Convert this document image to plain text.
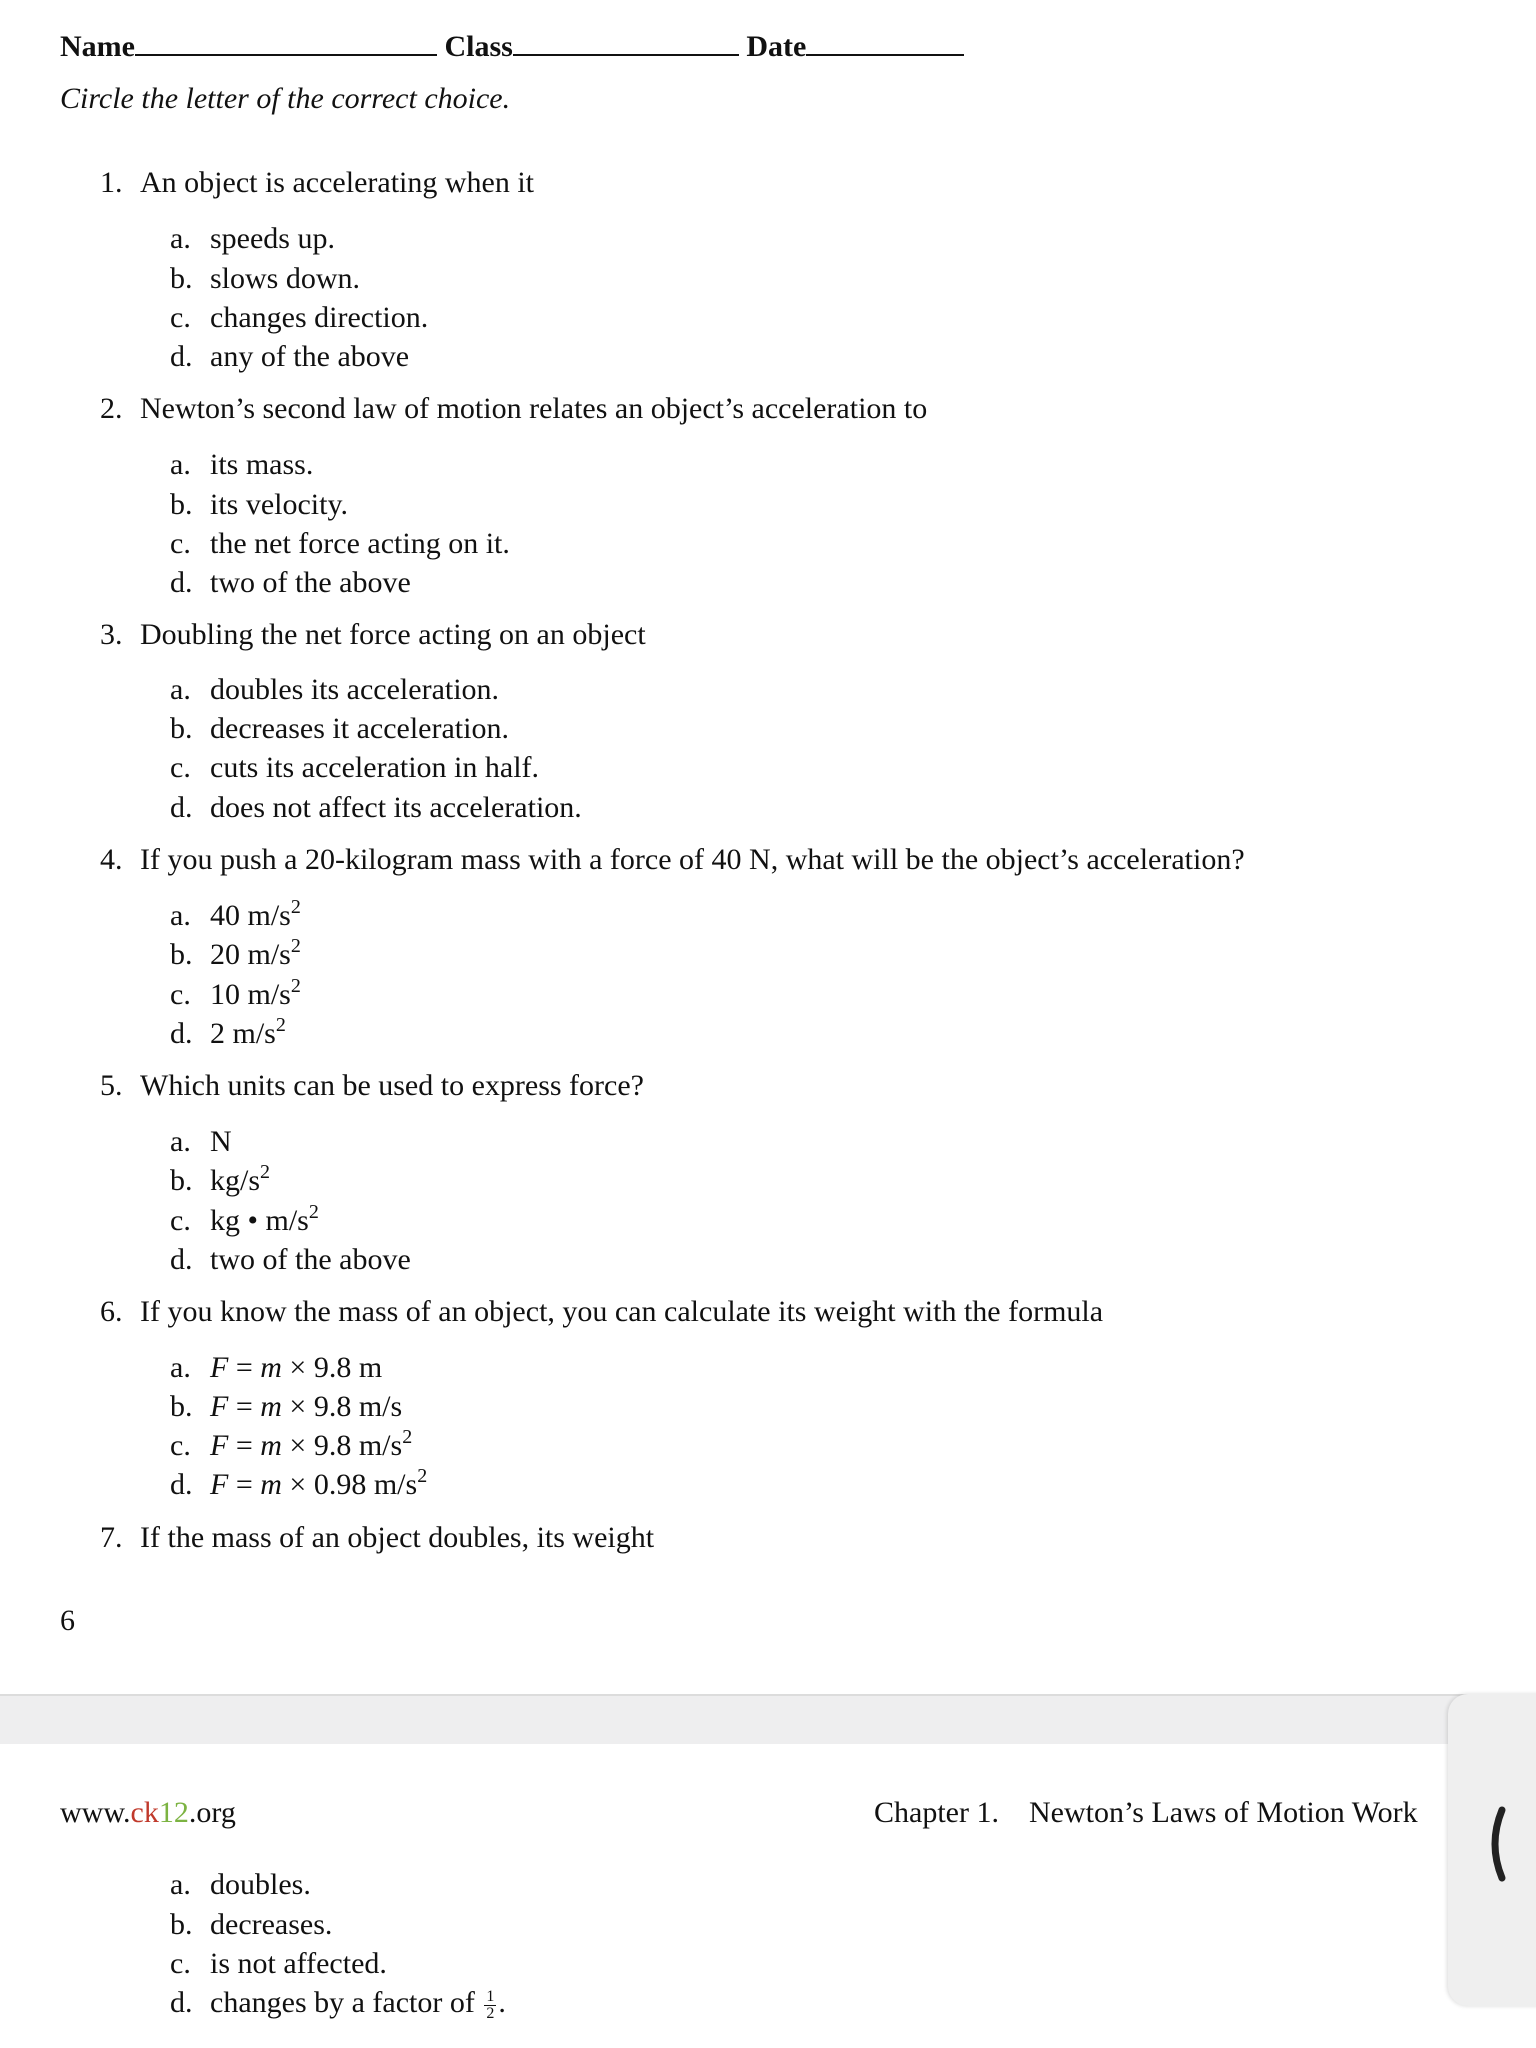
Name	Class	Date
Circle the letter of the correct choice.
1. An object is accelerating when it
a. speeds up.
b. slows down.
c. changes direction.
d. any of the above
2. Newton’s second law of motion relates an object’s acceleration to
a. its mass.
b. its velocity.
c. the net force acting on it.
d. two of the above
3. Doubling the net force acting on an object
a. doubles its acceleration.
b. decreases it acceleration.
c. cuts its acceleration in half.
d. does not affect its acceleration.
4. If you push a 20-kilogram mass with a force of 40 N, what will be the object’s acceleration?
a. 40 $m/s^2$
b. 20 $m/s^2$
c. 10 $m/s^2$
d. 2 $m/s^2$
5. Which units can be used to express force?
a. N
b. $kg/s^2$
c. kg • $m/s^2$
d. two of the above
6. If you know the mass of an object, you can calculate its weight with the formula
a. F = m × 9.8 m
b. F = m × 9.8 m/s
c. F = m × 9.8 $m/s^2$
d. F = m × 0.98 $m/s^2$
7. If the mass of an object doubles, its weight
6
www.ck12.org	Chapter 1.    Newton’s Laws of Motion Work
a. doubles.
b. decreases.
c. is not affected.
d. changes by a factor of $\frac{1}{2}$ .
